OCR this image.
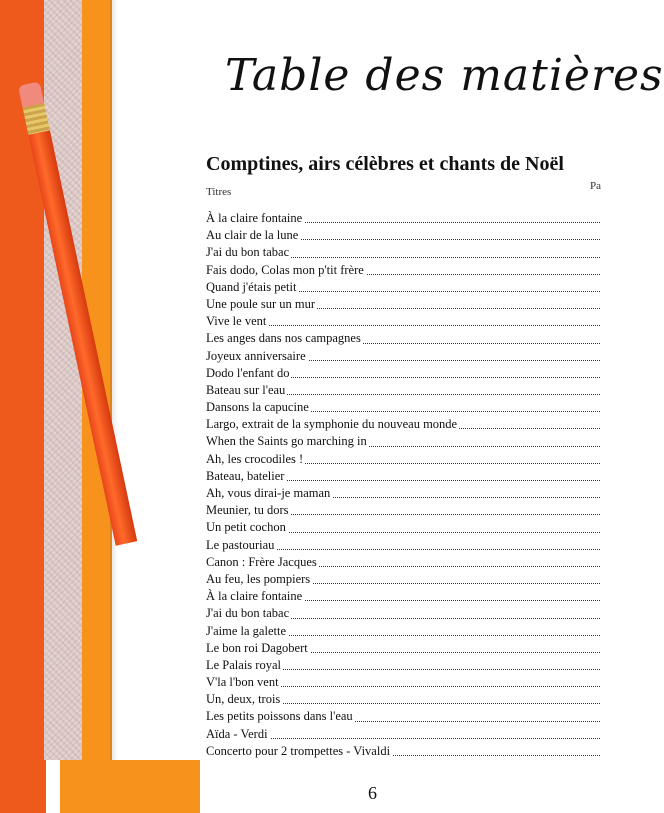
Table des matières
Comptines, airs célèbres et chants de Noël
Titres	Pa
À la claire fontaine
Au clair de la lune
J'ai du bon tabac
Fais dodo, Colas mon p'tit frère
Quand j'étais petit
Une poule sur un mur
Vive le vent
Les anges dans nos campagnes
Joyeux anniversaire
Dodo l'enfant do
Bateau sur l'eau
Dansons la capucine
Largo, extrait de la symphonie du nouveau monde
When the Saints go marching in
Ah, les crocodiles !
Bateau, batelier
Ah, vous dirai-je maman
Meunier, tu dors
Un petit cochon
Le pastouriau
Canon : Frère Jacques
Au feu, les pompiers
À la claire fontaine
J'ai du bon tabac
J'aime la galette
Le bon roi Dagobert
Le Palais royal
V'la l'bon vent
Un, deux, trois
Les petits poissons dans l'eau
Aïda - Verdi
Concerto pour 2 trompettes - Vivaldi
6
